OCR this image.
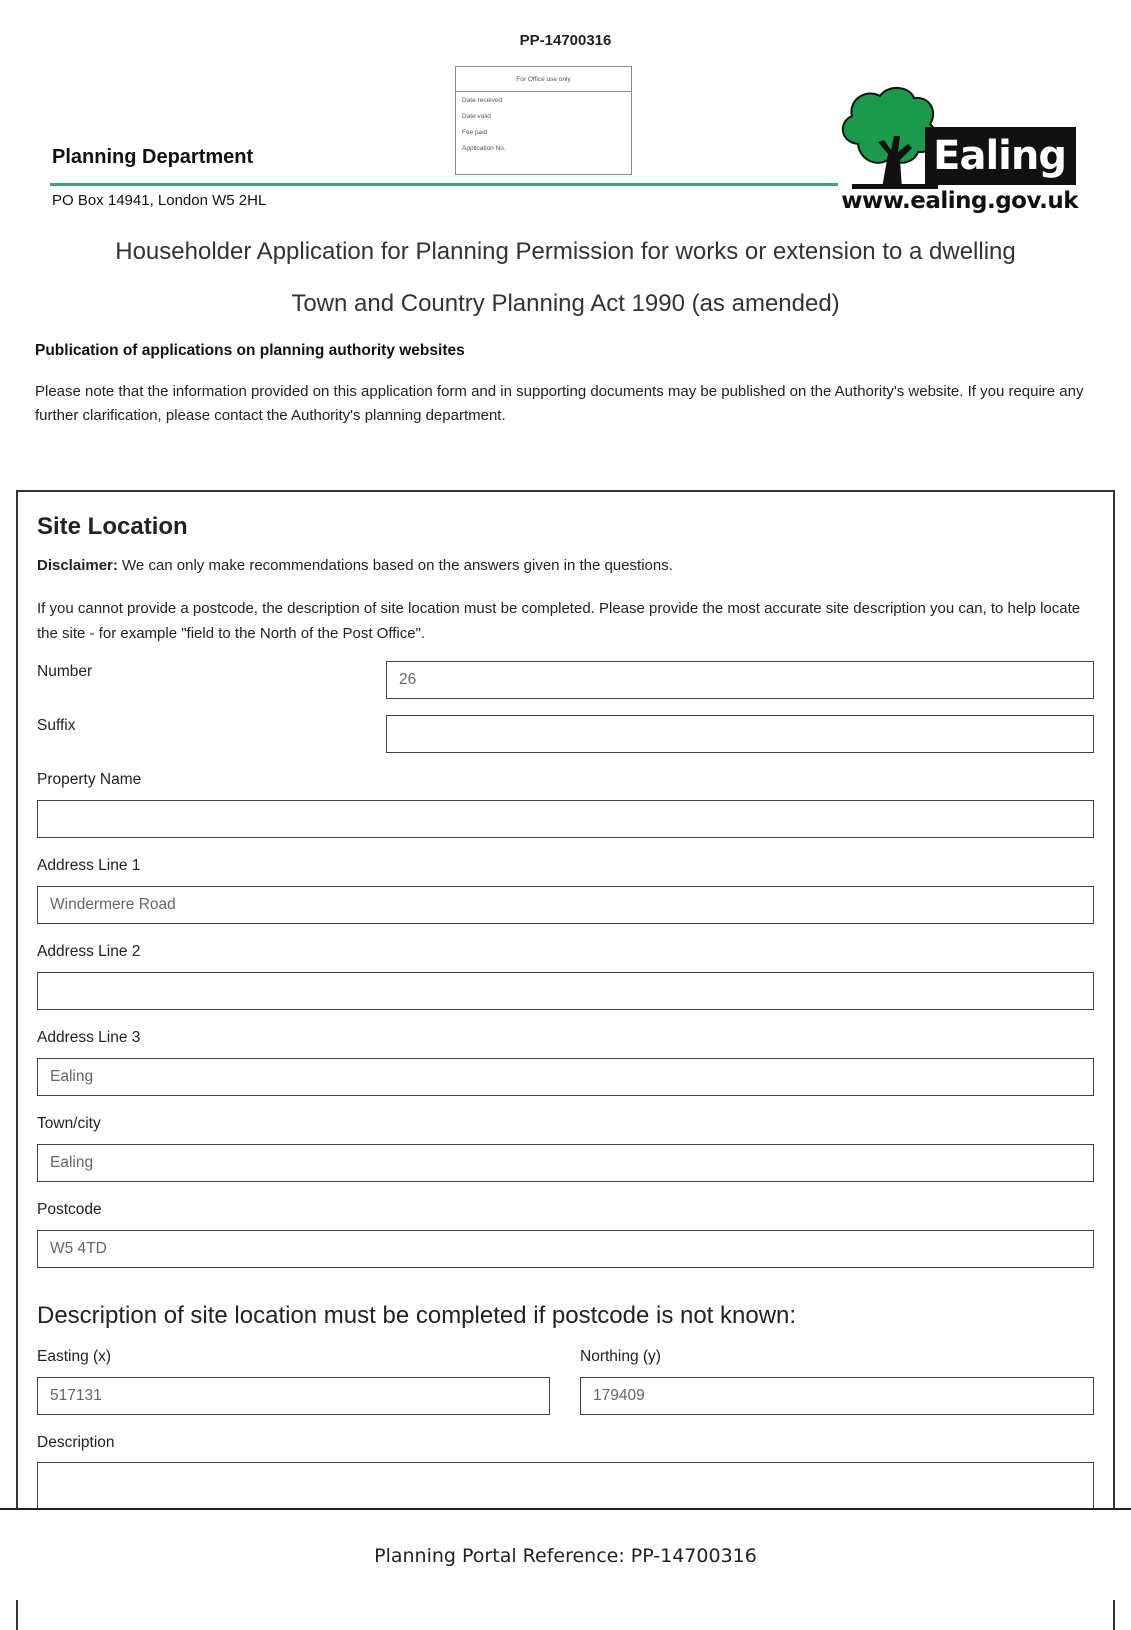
PP-14700316
For Office use only
Date received
Date valid
Fee paid
Application No.
Planning Department
PO Box 14941, London W5 2HL
Ealing
www.ealing.gov.uk
Householder Application for Planning Permission for works or extension to a dwelling
Town and Country Planning Act 1990 (as amended)
Publication of applications on planning authority websites
Please note that the information provided on this application form and in supporting documents may be published on the Authority's website. If you require any further clarification, please contact the Authority's planning department.
Site Location
Disclaimer: We can only make recommendations based on the answers given in the questions.
If you cannot provide a postcode, the description of site location must be completed. Please provide the most accurate site description you can, to help locate the site - for example "field to the North of the Post Office".
Number	26
Suffix
Property Name
Address Line 1
Windermere Road
Address Line 2
Address Line 3
Ealing
Town/city
Ealing
Postcode
W5 4TD
Description of site location must be completed if postcode is not known:
Easting (x)
517131
Northing (y)
179409
Description
Planning Portal Reference: PP-14700316
